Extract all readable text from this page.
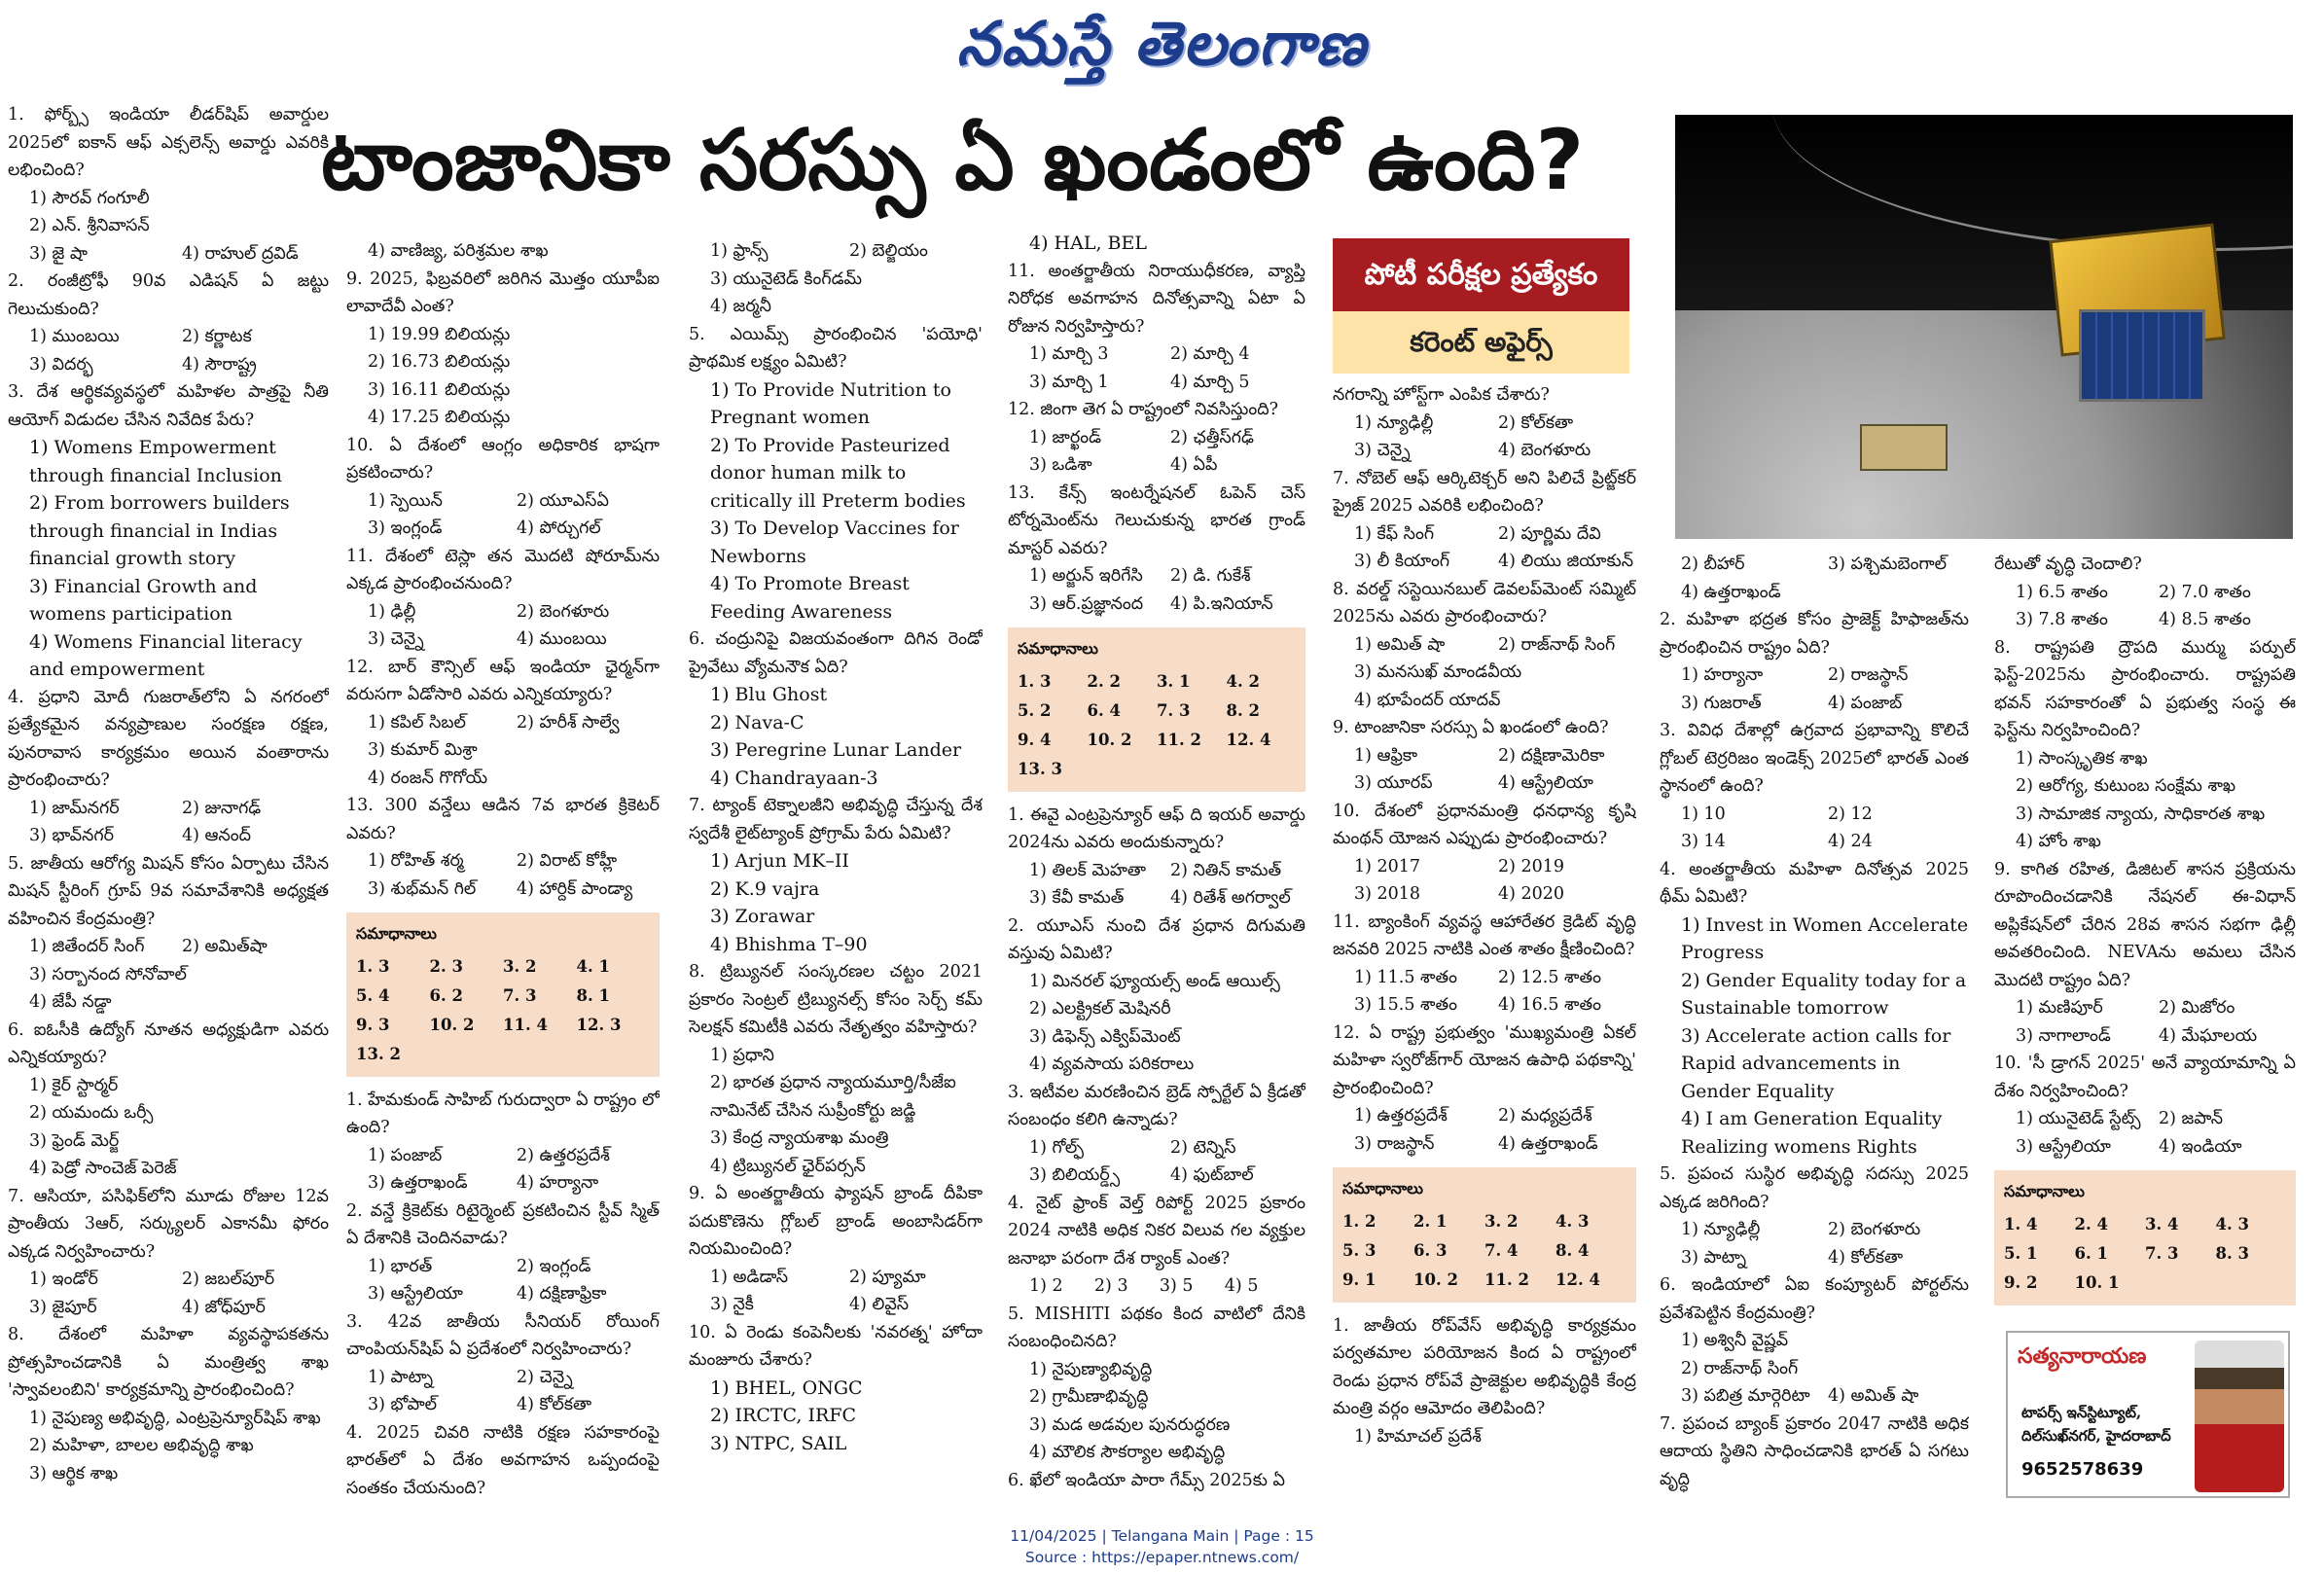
నమస్తే తెలంగాణ
టాంజానికా సరస్సు ఏ ఖండంలో ఉంది?
పోటీ పరీక్షల ప్రత్యేకం
కరెంట్ అఫైర్స్
1. ఫోర్బ్స్ ఇండియా లీడర్‌షిప్ అవార్డుల 2025లో ఐకాన్ ఆఫ్ ఎక్సలెన్స్ అవార్డు ఎవరికి లభించింది?
1) సౌరవ్ గంగూలీ
2) ఎన్. శ్రీనివాసన్
3) జై షా	4) రాహుల్ ద్రవిడ్
2. రంజీట్రోఫీ 90వ ఎడిషన్ ఏ జట్టు గెలుచుకుంది?
1) ముంబయి	2) కర్ణాటక
3) విదర్భ	4) సౌరాష్ట్ర
3. దేశ ఆర్థికవ్యవస్థలో మహిళల పాత్రపై నీతి ఆయోగ్ విడుదల చేసిన నివేదిక పేరు?
1) Womens Empowerment through financial Inclusion
2) From borrowers builders through financial in Indias financial growth story
3) Financial Growth and womens participation
4) Womens Financial literacy and empowerment
4. ప్రధాని మోదీ గుజరాత్‌లోని ఏ నగరంలో ప్రత్యేకమైన వన్యప్రాణుల సంరక్షణ రక్షణ, పునరావాస కార్యక్రమం అయిన వంతారాను ప్రారంభించారు?
1) జామ్‌నగర్	2) జునాగఢ్
3) భావ్‌నగర్	4) ఆనంద్
5. జాతీయ ఆరోగ్య మిషన్ కోసం ఏర్పాటు చేసిన మిషన్ స్టీరింగ్ గ్రూప్ 9వ సమావేశానికి అధ్యక్షత వహించిన కేంద్రమంత్రి?
1) జితేందర్ సింగ్	2) అమిత్‌షా
3) సర్బానంద సోనోవాల్
4) జేపీ నడ్డా
6. ఐఓసీకి ఉద్యోగ్ నూతన అధ్యక్షుడిగా ఎవరు ఎన్నికయ్యారు?
1) కైర్ స్టార్మర్
2) యమందు ఒర్సీ
3) ఫ్రెండ్ మెర్జ్
4) పెడ్రో సాంచెజ్ పెరెజ్
7. ఆసియా, పసిఫిక్‌లోని మూడు రోజుల 12వ ప్రాంతీయ 3ఆర్, సర్క్యులర్ ఎకానమీ ఫోరం ఎక్కడ నిర్వహించారు?
1) ఇండోర్	2) జబల్‌పూర్
3) జైపూర్	4) జోధ్‌పూర్
8. దేశంలో మహిళా వ్యవస్థాపకతను ప్రోత్సహించడానికి ఏ మంత్రిత్వ శాఖ 'స్వావలంబిని' కార్యక్రమాన్ని ప్రారంభించింది?
1) నైపుణ్య అభివృద్ధి, ఎంట్రప్రెన్యూర్‌షిప్ శాఖ
2) మహిళా, బాలల అభివృద్ధి శాఖ
3) ఆర్థిక శాఖ
4) వాణిజ్య, పరిశ్రమల శాఖ
9. 2025, ఫిబ్రవరిలో జరిగిన మొత్తం యూపీఐ లావాదేవీ ఎంత?
1) 19.99 బిలియన్లు
2) 16.73 బిలియన్లు
3) 16.11 బిలియన్లు
4) 17.25 బిలియన్లు
10. ఏ దేశంలో ఆంగ్లం అధికారిక భాషగా ప్రకటించారు?
1) స్పెయిన్	2) యూఎస్ఏ
3) ఇంగ్లండ్	4) పోర్చుగల్
11. దేశంలో టెస్లా తన మొదటి షోరూమ్‌ను ఎక్కడ ప్రారంభించనుంది?
1) ఢిల్లీ	2) బెంగళూరు
3) చెన్నై	4) ముంబయి
12. బార్ కౌన్సిల్ ఆఫ్ ఇండియా ఛైర్మన్‌గా వరుసగా ఏడోసారి ఎవరు ఎన్నికయ్యారు?
1) కపిల్ సిబల్	2) హరీశ్ సాల్వే
3) కుమార్ మిశ్రా
4) రంజన్ గొగోయ్
13. 300 వన్డేలు ఆడిన 7వ భారత క్రికెటర్ ఎవరు?
1) రోహిత్ శర్మ	2) విరాట్ కోహ్లీ
3) శుభ్‌మన్ గిల్	4) హార్దిక్ పాండ్యా
సమాధానాలు
1. 3	2. 3	3. 2	4. 1
5. 4	6. 2	7. 3	8. 1
9. 3	10. 2	11. 4	12. 3
13. 2
1. హేమకుండ్ సాహిబ్ గురుద్వారా ఏ రాష్ట్రం లో ఉంది?
1) పంజాబ్	2) ఉత్తరప్రదేశ్
3) ఉత్తరాఖండ్	4) హర్యానా
2. వన్డే క్రికెట్‌కు రిటైర్మెంట్ ప్రకటించిన స్టీవ్ స్మిత్ ఏ దేశానికి చెందినవాడు?
1) భారత్	2) ఇంగ్లండ్
3) ఆస్ట్రేలియా	4) దక్షిణాఫ్రికా
3. 42వ జాతీయ సీనియర్ రోయింగ్ చాంపియన్‌షిప్ ఏ ప్రదేశంలో నిర్వహించారు?
1) పాట్నా	2) చెన్నై
3) భోపాల్	4) కోల్‌కతా
4. 2025 చివరి నాటికి రక్షణ సహకారంపై భారత్‌లో ఏ దేశం అవగాహన ఒప్పందంపై సంతకం చేయనుంది?
1) ఫ్రాన్స్	2) బెల్జియం
3) యునైటెడ్ కింగ్‌డమ్
4) జర్మనీ
5. ఎయిమ్స్ ప్రారంభించిన 'పయోధి' ప్రాథమిక లక్ష్యం ఏమిటి?
1) To Provide Nutrition to Pregnant women
2) To Provide Pasteurized donor human milk to critically ill Preterm bodies
3) To Develop Vaccines for Newborns
4) To Promote Breast Feeding Awareness
6. చంద్రునిపై విజయవంతంగా దిగిన రెండో ప్రైవేటు వ్యోమనౌక ఏది?
1) Blu Ghost
2) Nava-C
3) Peregrine Lunar Lander
4) Chandrayaan-3
7. ట్యాంక్ టెక్నాలజీని అభివృద్ధి చేస్తున్న దేశ స్వదేశీ లైట్‌ట్యాంక్ ప్రోగ్రామ్ పేరు ఏమిటి?
1) Arjun MK–II
2) K.9 vajra
3) Zorawar
4) Bhishma T–90
8. ట్రిబ్యునల్ సంస్కరణల చట్టం 2021 ప్రకారం సెంట్రల్ ట్రిబ్యునల్స్ కోసం సెర్చ్ కమ్ సెలక్షన్ కమిటీకి ఎవరు నేతృత్వం వహిస్తారు?
1) ప్రధాని
2) భారత ప్రధాన న్యాయమూర్తి/సీజేఐ నామినేట్ చేసిన సుప్రీంకోర్టు జడ్జి
3) కేంద్ర న్యాయశాఖ మంత్రి
4) ట్రిబ్యునల్ ఛైర్‌పర్సన్
9. ఏ అంతర్జాతీయ ఫ్యాషన్ బ్రాండ్ దీపికా పదుకొణెను గ్లోబల్ బ్రాండ్ అంబాసిడర్‌గా నియమించింది?
1) అడిడాస్	2) ప్యూమా
3) నైకీ	4) లివైస్
10. ఏ రెండు కంపెనీలకు 'నవరత్న' హోదా మంజూరు చేశారు?
1) BHEL, ONGC
2) IRCTC, IRFC
3) NTPC, SAIL
4) HAL, BEL
11. అంతర్జాతీయ నిరాయుధీకరణ, వ్యాప్తి నిరోధక అవగాహన దినోత్సవాన్ని ఏటా ఏ రోజున నిర్వహిస్తారు?
1) మార్చి 3	2) మార్చి 4
3) మార్చి 1	4) మార్చి 5
12. జింగా తెగ ఏ రాష్ట్రంలో నివసిస్తుంది?
1) జార్ఖండ్	2) ఛత్తీస్‌గఢ్
3) ఒడిశా	4) ఏపీ
13. కేన్స్ ఇంటర్నేషనల్ ఓపెన్ చెస్ టోర్నమెంట్‌ను గెలుచుకున్న భారత గ్రాండ్ మాస్టర్ ఎవరు?
1) అర్జున్ ఇరిగేసి	2) డి. గుకేశ్
3) ఆర్.ప్రజ్ఞానంద	4) పి.ఇనియాన్
సమాధానాలు
1. 3	2. 2	3. 1	4. 2
5. 2	6. 4	7. 3	8. 2
9. 4	10. 2	11. 2	12. 4
13. 3
1. ఈవై ఎంట్రప్రెన్యూర్ ఆఫ్ ది ఇయర్ అవార్డు 2024ను ఎవరు అందుకున్నారు?
1) తిలక్ మెహతా	2) నితిన్ కామత్
3) కేవీ కామత్	4) రితేశ్ అగర్వాల్
2. యూఎస్ నుంచి దేశ ప్రధాన దిగుమతి వస్తువు ఏమిటి?
1) మినరల్ ఫ్యూయల్స్ అండ్ ఆయిల్స్
2) ఎలక్ట్రికల్ మెషినరీ
3) డిఫెన్స్ ఎక్విప్‌మెంట్
4) వ్యవసాయ పరికరాలు
3. ఇటీవల మరణించిన బ్రెడ్ స్పోర్టేల్ ఏ క్రీడతో సంబంధం కలిగి ఉన్నాడు?
1) గోల్ఫ్	2) టెన్నిస్
3) బిలియర్డ్స్	4) ఫుట్‌బాల్
4. నైట్ ఫ్రాంక్ వెల్త్ రిపోర్ట్ 2025 ప్రకారం 2024 నాటికి అధిక నికర విలువ గల వ్యక్తుల జనాభా పరంగా దేశ ర్యాంక్ ఎంత?
1) 2	2) 3	3) 5	4) 5
5. MISHITI పథకం కింద వాటిలో దేనికి సంబంధించినది?
1) నైపుణ్యాభివృద్ధి
2) గ్రామీణాభివృద్ధి
3) మడ అడవుల పునరుద్ధరణ
4) మౌలిక సౌకర్యాల అభివృద్ధి
6. ఖేలో ఇండియా పారా గేమ్స్ 2025కు ఏ
నగరాన్ని హోస్ట్‌గా ఎంపిక చేశారు?
1) న్యూఢిల్లీ	2) కోల్‌కతా
3) చెన్నై	4) బెంగళూరు
7. నోబెల్ ఆఫ్ ఆర్కిటెక్చర్ అని పిలిచే ప్రిట్జ్‌కర్ ప్రైజ్ 2025 ఎవరికి లభించింది?
1) కేఫ్ సింగ్	2) పూర్ణిమ దేవి
3) లీ కియాంగ్	4) లియు జియాకున్
8. వరల్డ్ సస్టెయినబుల్ డెవలప్‌మెంట్ సమ్మిట్ 2025ను ఎవరు ప్రారంభించారు?
1) అమిత్ షా	2) రాజ్‌నాథ్ సింగ్
3) మనసుఖ్ మాండవీయ
4) భూపేందర్ యాదవ్
9. టాంజానికా సరస్సు ఏ ఖండంలో ఉంది?
1) ఆఫ్రికా	2) దక్షిణామెరికా
3) యూరప్	4) ఆస్ట్రేలియా
10. దేశంలో ప్రధానమంత్రి ధనధాన్య కృషి మంథన్ యోజన ఎప్పుడు ప్రారంభించారు?
1) 2017	2) 2019
3) 2018	4) 2020
11. బ్యాంకింగ్ వ్యవస్థ ఆహారేతర క్రెడిట్ వృద్ధి జనవరి 2025 నాటికి ఎంత శాతం క్షీణించింది?
1) 11.5 శాతం	2) 12.5 శాతం
3) 15.5 శాతం	4) 16.5 శాతం
12. ఏ రాష్ట్ర ప్రభుత్వం 'ముఖ్యమంత్రి ఏకల్ మహిళా స్వరోజ్‌గార్ యోజన ఉపాధి పథకాన్ని' ప్రారంభించింది?
1) ఉత్తరప్రదేశ్	2) మధ్యప్రదేశ్
3) రాజస్థాన్	4) ఉత్తరాఖండ్
సమాధానాలు
1. 2	2. 1	3. 2	4. 3
5. 3	6. 3	7. 4	8. 4
9. 1	10. 2	11. 2	12. 4
1. జాతీయ రోప్‌వేస్ అభివృద్ధి కార్యక్రమం పర్వతమాల పరియోజన కింద ఏ రాష్ట్రంలో రెండు ప్రధాన రోప్‌వే ప్రాజెక్టుల అభివృద్ధికి కేంద్ర మంత్రి వర్గం ఆమోదం తెలిపింది?
1) హిమాచల్ ప్రదేశ్
2) బీహార్	3) పశ్చిమబెంగాల్
4) ఉత్తరాఖండ్
2. మహిళా భద్రత కోసం ప్రాజెక్ట్ హిఫాజత్‌ను ప్రారంభించిన రాష్ట్రం ఏది?
1) హర్యానా	2) రాజస్థాన్
3) గుజరాత్	4) పంజాబ్
3. వివిధ దేశాల్లో ఉగ్రవాద ప్రభావాన్ని కొలిచే గ్లోబల్ టెర్రరిజం ఇండెక్స్ 2025లో భారత్ ఎంత స్థానంలో ఉంది?
1) 10	2) 12
3) 14	4) 24
4. అంతర్జాతీయ మహిళా దినోత్సవ 2025 థీమ్ ఏమిటి?
1) Invest in Women Accelerate Progress
2) Gender Equality today for a Sustainable tomorrow
3) Accelerate action calls for Rapid advancements in Gender Equality
4) I am Generation Equality Realizing womens Rights
5. ప్రపంచ సుస్థిర అభివృద్ధి సదస్సు 2025 ఎక్కడ జరిగింది?
1) న్యూఢిల్లీ	2) బెంగళూరు
3) పాట్నా	4) కోల్‌కతా
6. ఇండియాలో ఏఐ కంప్యూటర్ పోర్టల్‌ను ప్రవేశపెట్టిన కేంద్రమంత్రి?
1) అశ్వినీ వైష్ణవ్
2) రాజ్‌నాథ్ సింగ్
3) పబిత్ర మార్గెరిటా	4) అమిత్ షా
7. ప్రపంచ బ్యాంక్ ప్రకారం 2047 నాటికి అధిక ఆదాయ స్థితిని సాధించడానికి భారత్ ఏ సగటు వృద్ధి
రేటుతో వృద్ధి చెందాలి?
1) 6.5 శాతం	2) 7.0 శాతం
3) 7.8 శాతం	4) 8.5 శాతం
8. రాష్ట్రపతి ద్రౌపది ముర్ము పర్పుల్ ఫెస్ట్-2025ను ప్రారంభించారు. రాష్ట్రపతి భవన్ సహకారంతో ఏ ప్రభుత్వ సంస్థ ఈ ఫెస్ట్‌ను నిర్వహించింది?
1) సాంస్కృతిక శాఖ
2) ఆరోగ్య, కుటుంబ సంక్షేమ శాఖ
3) సామాజిక న్యాయ, సాధికారత శాఖ
4) హోం శాఖ
9. కాగిత రహిత, డిజిటల్ శాసన ప్రక్రియను రూపొందించడానికి నేషనల్ ఈ-విధాన్ అప్లికేషన్‌లో చేరిన 28వ శాసన సభగా ఢిల్లీ అవతరించింది. NEVAను అమలు చేసిన మొదటి రాష్ట్రం ఏది?
1) మణిపూర్	2) మిజోరం
3) నాగాలాండ్	4) మేఘాలయ
10. 'సీ డ్రాగన్ 2025' అనే వ్యాయామాన్ని ఏ దేశం నిర్వహించింది?
1) యునైటెడ్ స్టేట్స్	2) జపాన్
3) ఆస్ట్రేలియా	4) ఇండియా
సమాధానాలు
1. 4	2. 4	3. 4	4. 3
5. 1	6. 1	7. 3	8. 3
9. 2	10. 1
సత్యనారాయణ
టాపర్స్ ఇన్‌స్టిట్యూట్, దిల్‌సుఖ్‌నగర్, హైదరాబాద్
9652578639
11/04/2025 | Telangana Main | Page : 15
Source : https://epaper.ntnews.com/
